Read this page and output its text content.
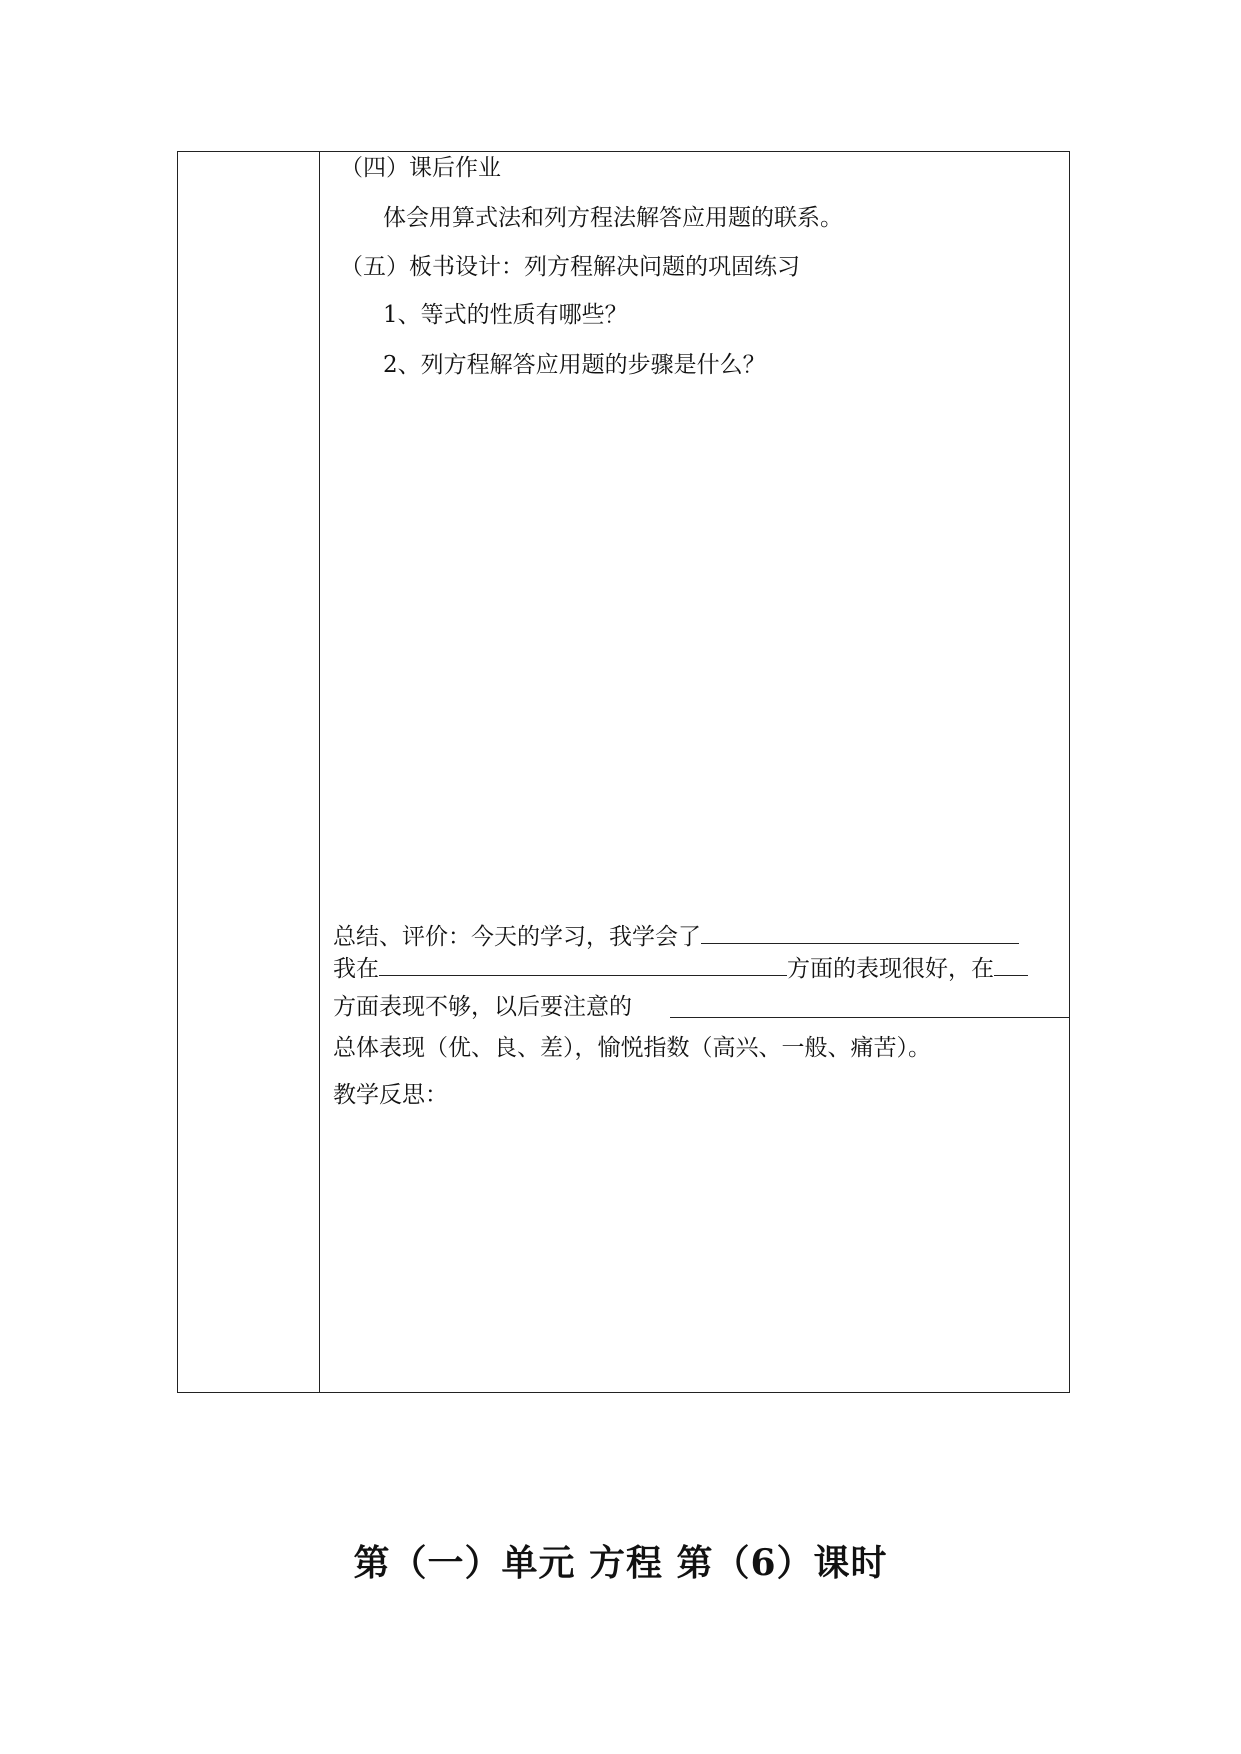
（四）课后作业
体会用算式法和列方程法解答应用题的联系。
（五）板书设计：列方程解决问题的巩固练习
1、等式的性质有哪些？
2、列方程解答应用题的步骤是什么？
总结、评价：今天的学习，我学会了
我在	方面的表现很好，在
方面表现不够，以后要注意的
总体表现（优、良、差），愉悦指数（高兴、一般、痛苦）。
教学反思：
第（一）单元 方程 第（6）课时
